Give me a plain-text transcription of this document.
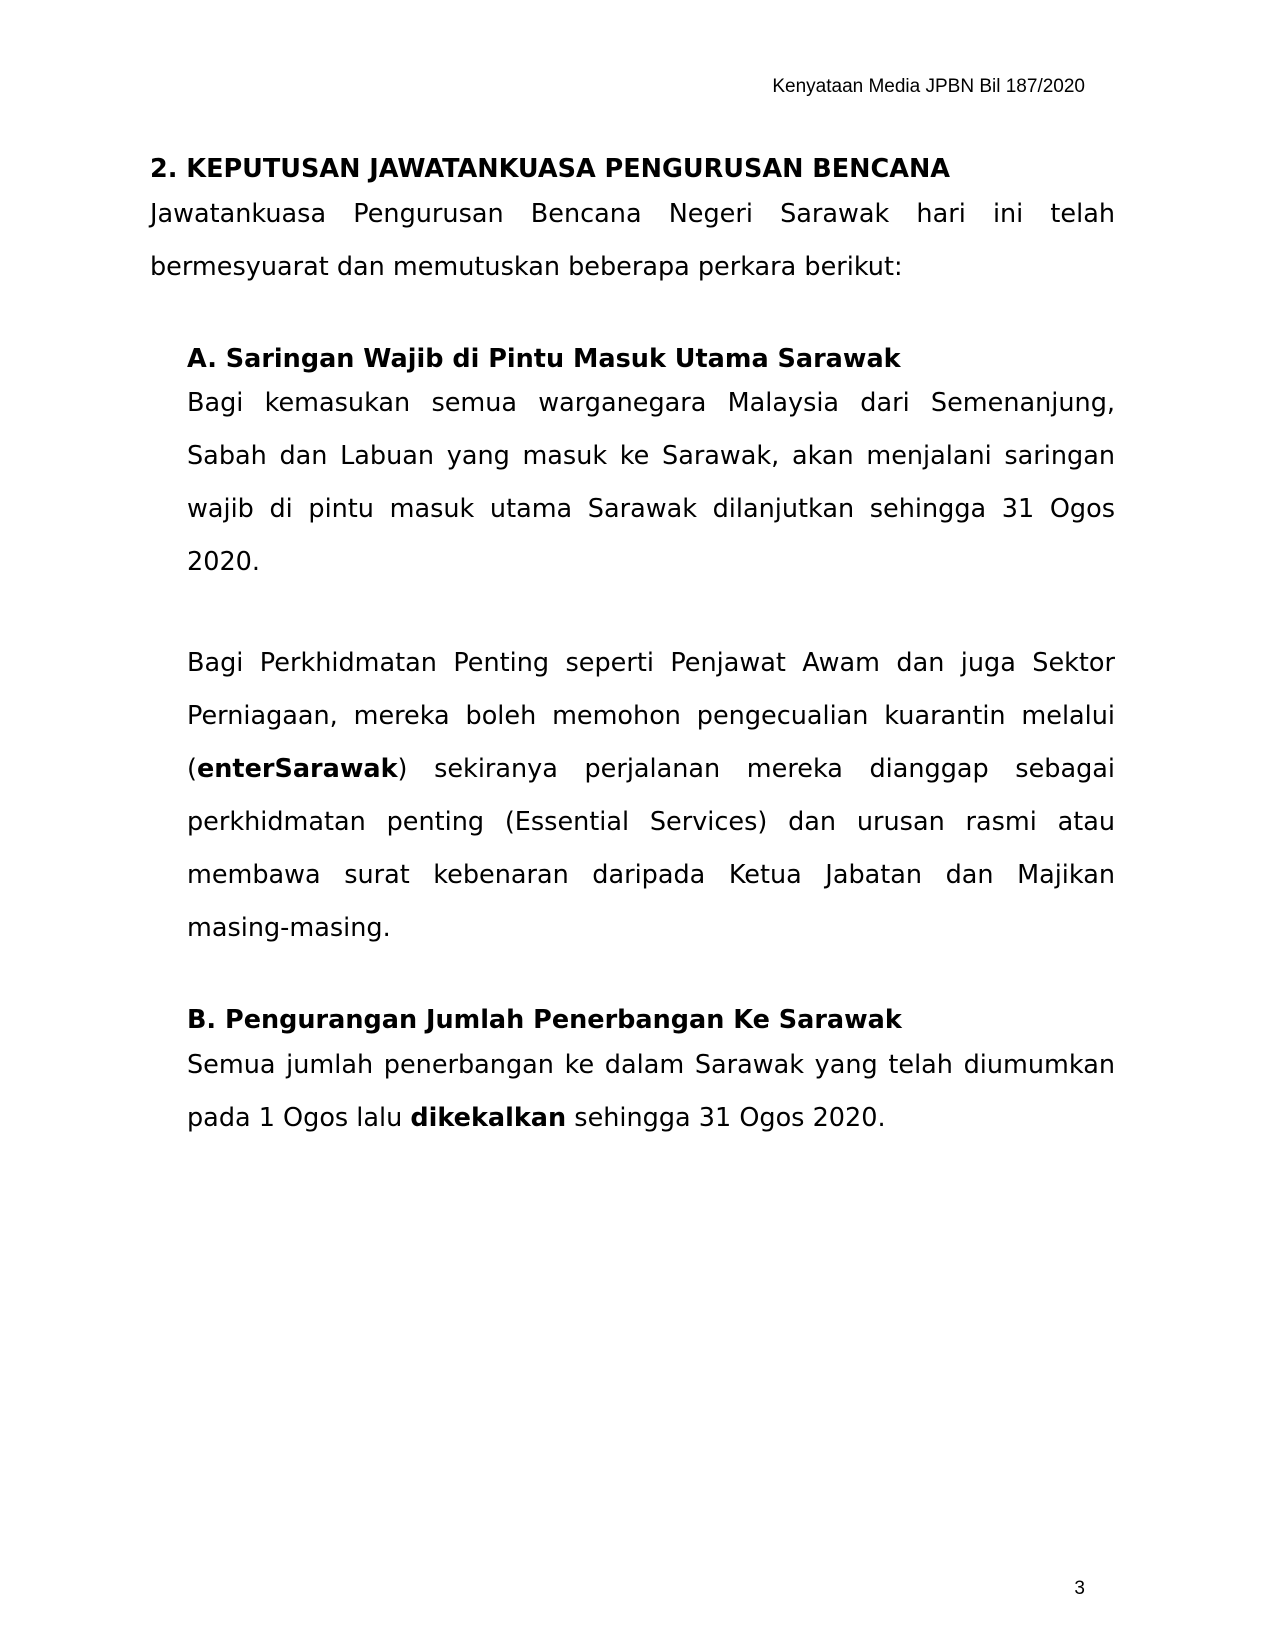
Kenyataan Media JPBN Bil 187/2020
2. KEPUTUSAN JAWATANKUASA PENGURUSAN BENCANA

Jawatankuasa Pengurusan Bencana Negeri Sarawak hari ini telah bermesyuarat dan memutuskan beberapa perkara berikut:

A. Saringan Wajib di Pintu Masuk Utama Sarawak

Bagi kemasukan semua warganegara Malaysia dari Semenanjung, Sabah dan Labuan yang masuk ke Sarawak, akan menjalani saringan wajib di pintu masuk utama Sarawak dilanjutkan sehingga 31 Ogos 2020.

Bagi Perkhidmatan Penting seperti Penjawat Awam dan juga Sektor Perniagaan, mereka boleh memohon pengecualian kuarantin melalui (enterSarawak) sekiranya perjalanan mereka dianggap sebagai perkhidmatan penting (Essential Services) dan urusan rasmi atau membawa surat kebenaran daripada Ketua Jabatan dan Majikan masing-masing.

B. Pengurangan Jumlah Penerbangan Ke Sarawak

Semua jumlah penerbangan ke dalam Sarawak yang telah diumumkan pada 1 Ogos lalu dikekalkan sehingga 31 Ogos 2020.

3
